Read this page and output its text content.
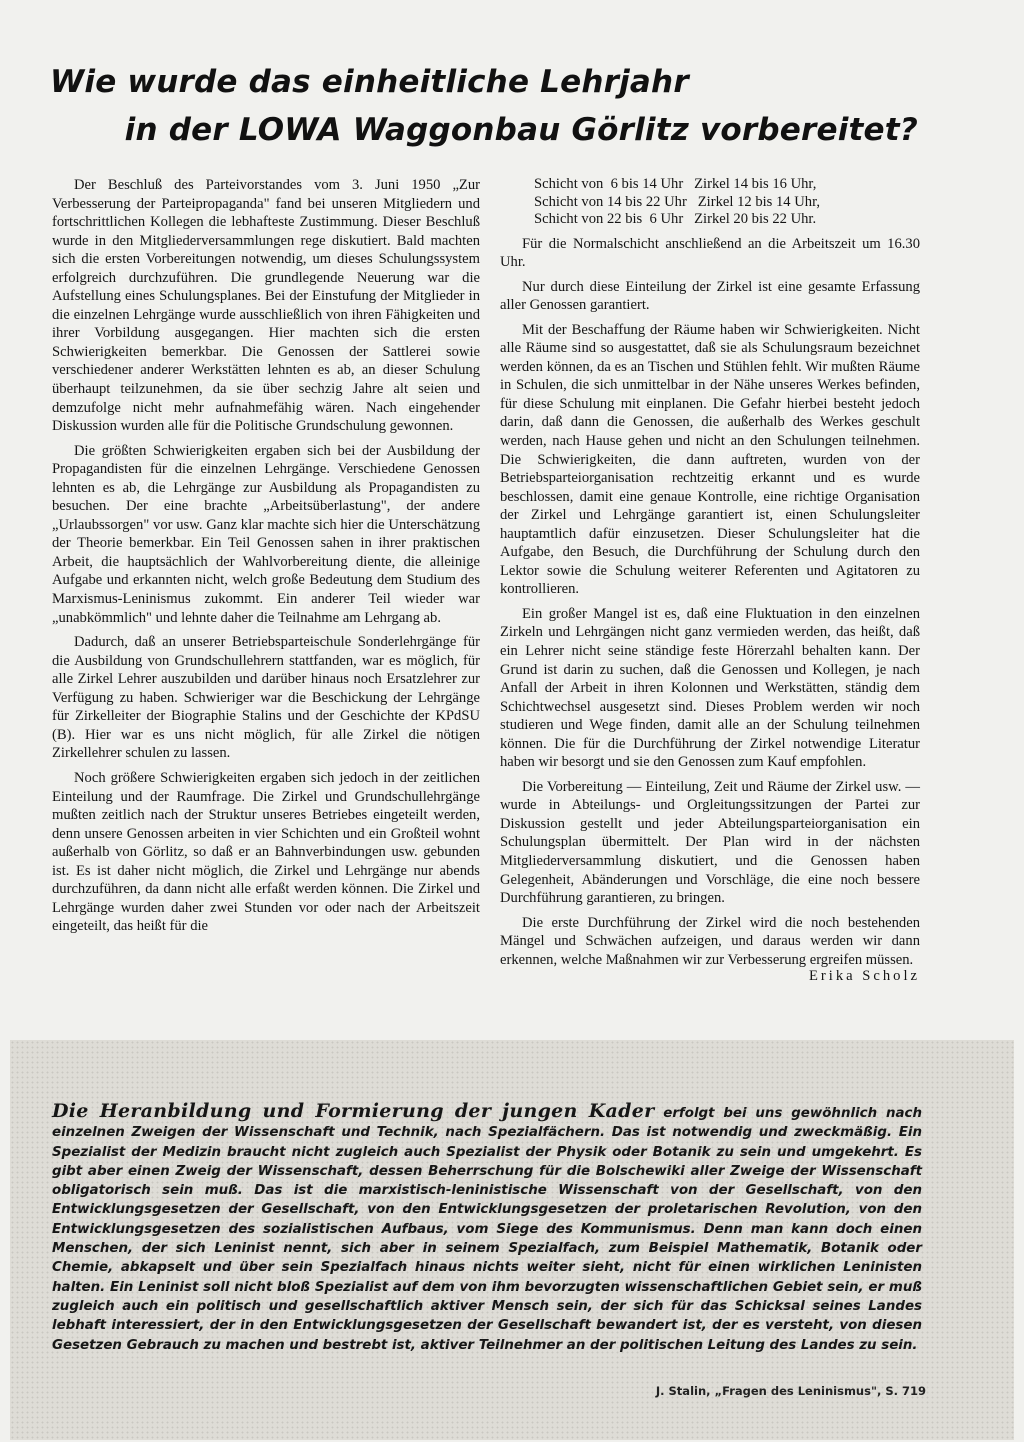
Wie wurde das einheitliche Lehrjahr
in der LOWA Waggonbau Görlitz vorbereitet?

Der Beschluß des Parteivorstandes vom 3. Juni 1950 „Zur Verbesserung der Parteipropaganda" fand bei unseren Mitgliedern und fortschrittlichen Kollegen die lebhafteste Zustimmung. Dieser Beschluß wurde in den Mitgliederversammlungen rege diskutiert. Bald machten sich die ersten Vorbereitungen notwendig, um dieses Schulungssystem erfolgreich durchzuführen. Die grundlegende Neuerung war die Aufstellung eines Schulungsplanes. Bei der Einstufung der Mitglieder in die einzelnen Lehrgänge wurde ausschließlich von ihren Fähigkeiten und ihrer Vorbildung ausgegangen. Hier machten sich die ersten Schwierigkeiten bemerkbar. Die Genossen der Sattlerei sowie verschiedener anderer Werkstätten lehnten es ab, an dieser Schulung überhaupt teilzunehmen, da sie über sechzig Jahre alt seien und demzufolge nicht mehr aufnahmefähig wären. Nach eingehender Diskussion wurden alle für die Politische Grundschulung gewonnen.

Die größten Schwierigkeiten ergaben sich bei der Ausbildung der Propagandisten für die einzelnen Lehrgänge. Verschiedene Genossen lehnten es ab, die Lehrgänge zur Ausbildung als Propagandisten zu besuchen. Der eine brachte „Arbeitsüberlastung", der andere „Urlaubssorgen" vor usw. Ganz klar machte sich hier die Unterschätzung der Theorie bemerkbar. Ein Teil Genossen sahen in ihrer praktischen Arbeit, die hauptsächlich der Wahlvorbereitung diente, die alleinige Aufgabe und erkannten nicht, welch große Bedeutung dem Studium des Marxismus-Leninismus zukommt. Ein anderer Teil wieder war „unabkömmlich" und lehnte daher die Teilnahme am Lehrgang ab.

Dadurch, daß an unserer Betriebsparteischule Sonderlehrgänge für die Ausbildung von Grundschullehrern stattfanden, war es möglich, für alle Zirkel Lehrer auszubilden und darüber hinaus noch Ersatzlehrer zur Verfügung zu haben. Schwieriger war die Beschickung der Lehrgänge für Zirkelleiter der Biographie Stalins und der Geschichte der KPdSU (B). Hier war es uns nicht möglich, für alle Zirkel die nötigen Zirkellehrer schulen zu lassen.

Noch größere Schwierigkeiten ergaben sich jedoch in der zeitlichen Einteilung und der Raumfrage. Die Zirkel und Grundschullehrgänge mußten zeitlich nach der Struktur unseres Betriebes eingeteilt werden, denn unsere Genossen arbeiten in vier Schichten und ein Großteil wohnt außerhalb von Görlitz, so daß er an Bahnverbindungen usw. gebunden ist. Es ist daher nicht möglich, die Zirkel und Lehrgänge nur abends durchzuführen, da dann nicht alle erfaßt werden können. Die Zirkel und Lehrgänge wurden daher zwei Stunden vor oder nach der Arbeitszeit eingeteilt, das heißt für die

Schicht von  6 bis 14 Uhr   Zirkel 14 bis 16 Uhr,
Schicht von 14 bis 22 Uhr   Zirkel 12 bis 14 Uhr,
Schicht von 22 bis  6 Uhr   Zirkel 20 bis 22 Uhr.

Für die Normalschicht anschließend an die Arbeitszeit um 16.30 Uhr.

Nur durch diese Einteilung der Zirkel ist eine gesamte Erfassung aller Genossen garantiert.

Mit der Beschaffung der Räume haben wir Schwierigkeiten. Nicht alle Räume sind so ausgestattet, daß sie als Schulungsraum bezeichnet werden können, da es an Tischen und Stühlen fehlt. Wir mußten Räume in Schulen, die sich unmittelbar in der Nähe unseres Werkes befinden, für diese Schulung mit einplanen. Die Gefahr hierbei besteht jedoch darin, daß dann die Genossen, die außerhalb des Werkes geschult werden, nach Hause gehen und nicht an den Schulungen teilnehmen. Die Schwierigkeiten, die dann auftreten, wurden von der Betriebsparteiorganisation rechtzeitig erkannt und es wurde beschlossen, damit eine genaue Kontrolle, eine richtige Organisation der Zirkel und Lehrgänge garantiert ist, einen Schulungsleiter hauptamtlich dafür einzusetzen. Dieser Schulungsleiter hat die Aufgabe, den Besuch, die Durchführung der Schulung durch den Lektor sowie die Schulung weiterer Referenten und Agitatoren zu kontrollieren.

Ein großer Mangel ist es, daß eine Fluktuation in den einzelnen Zirkeln und Lehrgängen nicht ganz vermieden werden, das heißt, daß ein Lehrer nicht seine ständige feste Hörerzahl behalten kann. Der Grund ist darin zu suchen, daß die Genossen und Kollegen, je nach Anfall der Arbeit in ihren Kolonnen und Werkstätten, ständig dem Schichtwechsel ausgesetzt sind. Dieses Problem werden wir noch studieren und Wege finden, damit alle an der Schulung teilnehmen können. Die für die Durchführung der Zirkel notwendige Literatur haben wir besorgt und sie den Genossen zum Kauf empfohlen.

Die Vorbereitung — Einteilung, Zeit und Räume der Zirkel usw. — wurde in Abteilungs- und Orgleitungssitzungen der Partei zur Diskussion gestellt und jeder Abteilungsparteiorganisation ein Schulungsplan übermittelt. Der Plan wird in der nächsten Mitgliederversammlung diskutiert, und die Genossen haben Gelegenheit, Abänderungen und Vorschläge, die eine noch bessere Durchführung garantieren, zu bringen.

Die erste Durchführung der Zirkel wird die noch bestehenden Mängel und Schwächen aufzeigen, und daraus werden wir dann erkennen, welche Maßnahmen wir zur Verbesserung ergreifen müssen.

Erika Scholz
Die Heranbildung und Formierung der jungen Kader erfolgt bei uns gewöhnlich nach einzelnen Zweigen der Wissenschaft und Technik, nach Spezialfächern. Das ist notwendig und zweckmäßig. Ein Spezialist der Medizin braucht nicht zugleich auch Spezialist der Physik oder Botanik zu sein und umgekehrt. Es gibt aber einen Zweig der Wissenschaft, dessen Beherrschung für die Bolschewiki aller Zweige der Wissenschaft obligatorisch sein muß. Das ist die marxistisch-leninistische Wissenschaft von der Gesellschaft, von den Entwicklungsgesetzen der Gesellschaft, von den Entwicklungsgesetzen der proletarischen Revolution, von den Entwicklungsgesetzen des sozialistischen Aufbaus, vom Siege des Kommunismus. Denn man kann doch einen Menschen, der sich Leninist nennt, sich aber in seinem Spezialfach, zum Beispiel Mathematik, Botanik oder Chemie, abkapselt und über sein Spezialfach hinaus nichts weiter sieht, nicht für einen wirklichen Leninisten halten. Ein Leninist soll nicht bloß Spezialist auf dem von ihm bevorzugten wissenschaftlichen Gebiet sein, er muß zugleich auch ein politisch und gesellschaftlich aktiver Mensch sein, der sich für das Schicksal seines Landes lebhaft interessiert, der in den Entwicklungsgesetzen der Gesellschaft bewandert ist, der es versteht, von diesen Gesetzen Gebrauch zu machen und bestrebt ist, aktiver Teilnehmer an der politischen Leitung des Landes zu sein.
J. Stalin, „Fragen des Leninismus", S. 719
